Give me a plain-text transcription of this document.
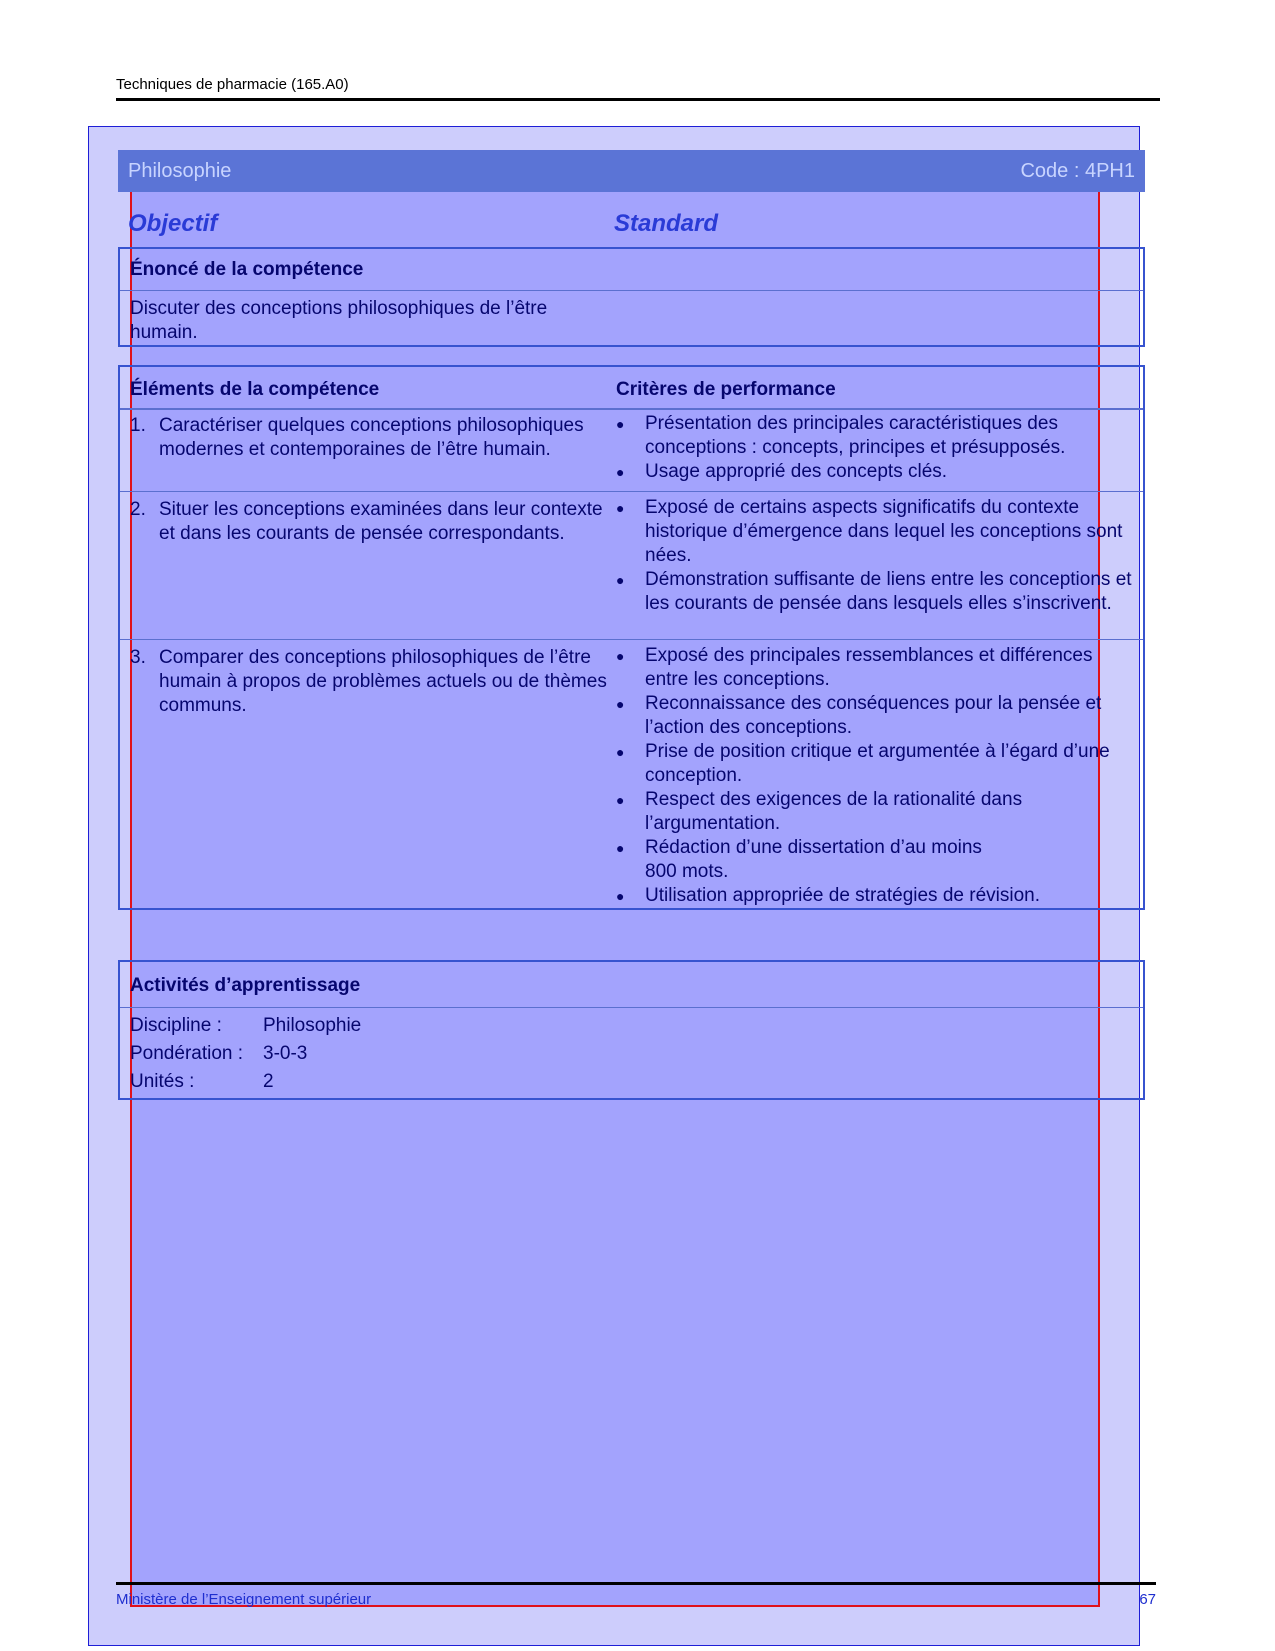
Techniques de pharmacie (165.A0)
Philosophie	Code : 4PH1
Objectif	Standard
Énoncé de la compétence
Discuter des conceptions philosophiques de l’être humain.
Éléments de la compétence	Critères de performance
1. Caractériser quelques conceptions philosophiques modernes et contemporaines de l’être humain.
●	Présentation des principales caractéristiques des conceptions : concepts, principes et présupposés.
●	Usage approprié des concepts clés.
2. Situer les conceptions examinées dans leur contexte et dans les courants de pensée correspondants.
●	Exposé de certains aspects significatifs du contexte historique d’émergence dans lequel les conceptions sont nées.
●	Démonstration suffisante de liens entre les conceptions et les courants de pensée dans lesquels elles s’inscrivent.
3. Comparer des conceptions philosophiques de l’être humain à propos de problèmes actuels ou de thèmes communs.
●	Exposé des principales ressemblances et différences entre les conceptions.
●	Reconnaissance des conséquences pour la pensée et l’action des conceptions.
●	Prise de position critique et argumentée à l’égard d’une conception.
●	Respect des exigences de la rationalité dans l’argumentation.
●	Rédaction d’une dissertation d’au moins 800 mots.
●	Utilisation appropriée de stratégies de révision.
Activités d’apprentissage
Discipline :	Philosophie
Pondération :	3-0-3
Unités :	2
Ministère de l’Enseignement supérieur	67
